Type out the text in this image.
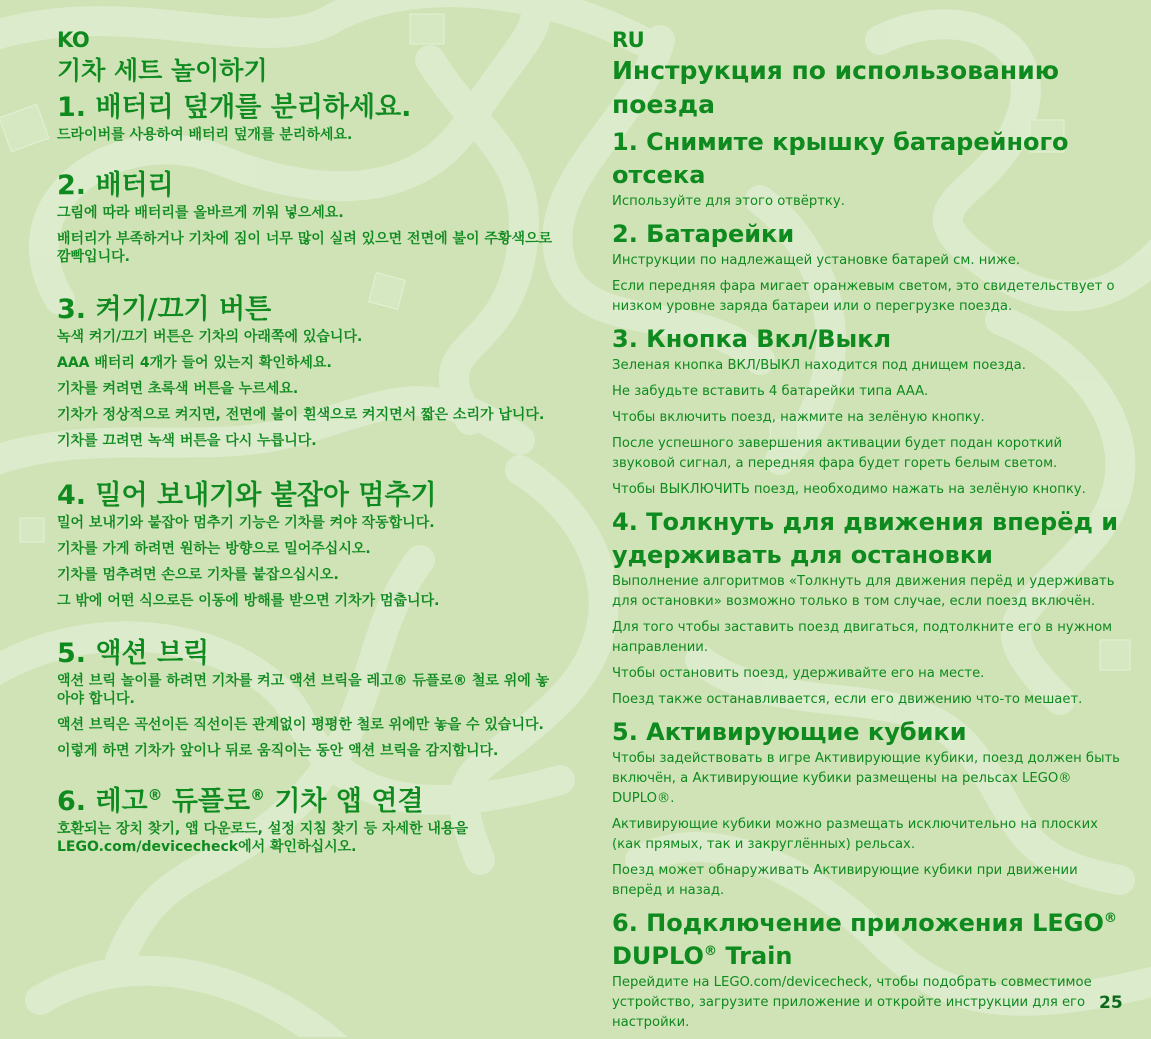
KO
기차 세트 놀이하기
1. 배터리 덮개를 분리하세요.

드라이버를 사용하여 배터리 덮개를 분리하세요.

2. 배터리

그림에 따라 배터리를 올바르게 끼워 넣으세요.

배터리가 부족하거나 기차에 짐이 너무 많이 실려 있으면 전면에 불이 주황색으로 깜빡입니다.

3. 켜기/끄기 버튼

녹색 켜기/끄기 버튼은 기차의 아래쪽에 있습니다.

AAA 배터리 4개가 들어 있는지 확인하세요.

기차를 켜려면 초록색 버튼을 누르세요.

기차가 정상적으로 켜지면, 전면에 불이 흰색으로 켜지면서 짧은 소리가 납니다.

기차를 끄려면 녹색 버튼을 다시 누릅니다.

4. 밀어 보내기와 붙잡아 멈추기

밀어 보내기와 붙잡아 멈추기 기능은 기차를 켜야 작동합니다.

기차를 가게 하려면 원하는 방향으로 밀어주십시오.

기차를 멈추려면 손으로 기차를 붙잡으십시오.

그 밖에 어떤 식으로든 이동에 방해를 받으면 기차가 멈춥니다.

5. 액션 브릭

액션 브릭 놀이를 하려면 기차를 켜고 액션 브릭을 레고® 듀플로® 철로 위에 놓아야 합니다.

액션 브릭은 곡선이든 직선이든 관계없이 평평한 철로 위에만 놓을 수 있습니다.

이렇게 하면 기차가 앞이나 뒤로 움직이는 동안 액션 브릭을 감지합니다.

6. 레고® 듀플로® 기차 앱 연결

호환되는 장치 찾기, 앱 다운로드, 설정 지침 찾기 등 자세한 내용을 LEGO.com/devicecheck에서 확인하십시오.

RU
Инструкция по использованию поезда
1. Снимите крышку батарейного отсека

Используйте для этого отвёртку.

2. Батарейки

Инструкции по надлежащей установке батарей см. ниже.

Если передняя фара мигает оранжевым светом, это свидетельствует о низком уровне заряда батареи или о перегрузке поезда.

3. Кнопка Вкл/Выкл

Зеленая кнопка ВКЛ/ВЫКЛ находится под днищем поезда.

Не забудьте вставить 4 батарейки типа AAA.

Чтобы включить поезд, нажмите на зелёную кнопку.

После успешного завершения активации будет подан короткий звуковой сигнал, а передняя фара будет гореть белым светом.

Чтобы ВЫКЛЮЧИТЬ поезд, необходимо нажать на зелёную кнопку.

4. Толкнуть для движения вперёд и удерживать для остановки

Выполнение алгоритмов «Толкнуть для движения перёд и удерживать для остановки» возможно только в том случае, если поезд включён.

Для того чтобы заставить поезд двигаться, подтолкните его в нужном направлении.

Чтобы остановить поезд, удерживайте его на месте.

Поезд также останавливается, если его движению что-то мешает.

5. Активирующие кубики

Чтобы задействовать в игре Активирующие кубики, поезд должен быть включён, а Активирующие кубики размещены на рельсах LEGO® DUPLO®.

Активирующие кубики можно размещать исключительно на плоских (как прямых, так и закруглённых) рельсах.

Поезд может обнаруживать Активирующие кубики при движении вперёд и назад.

6. Подключение приложения LEGO® DUPLO® Train

Перейдите на LEGO.com/devicecheck, чтобы подобрать совместимое устройство, загрузите приложение и откройте инструкции для его настройки.

25
